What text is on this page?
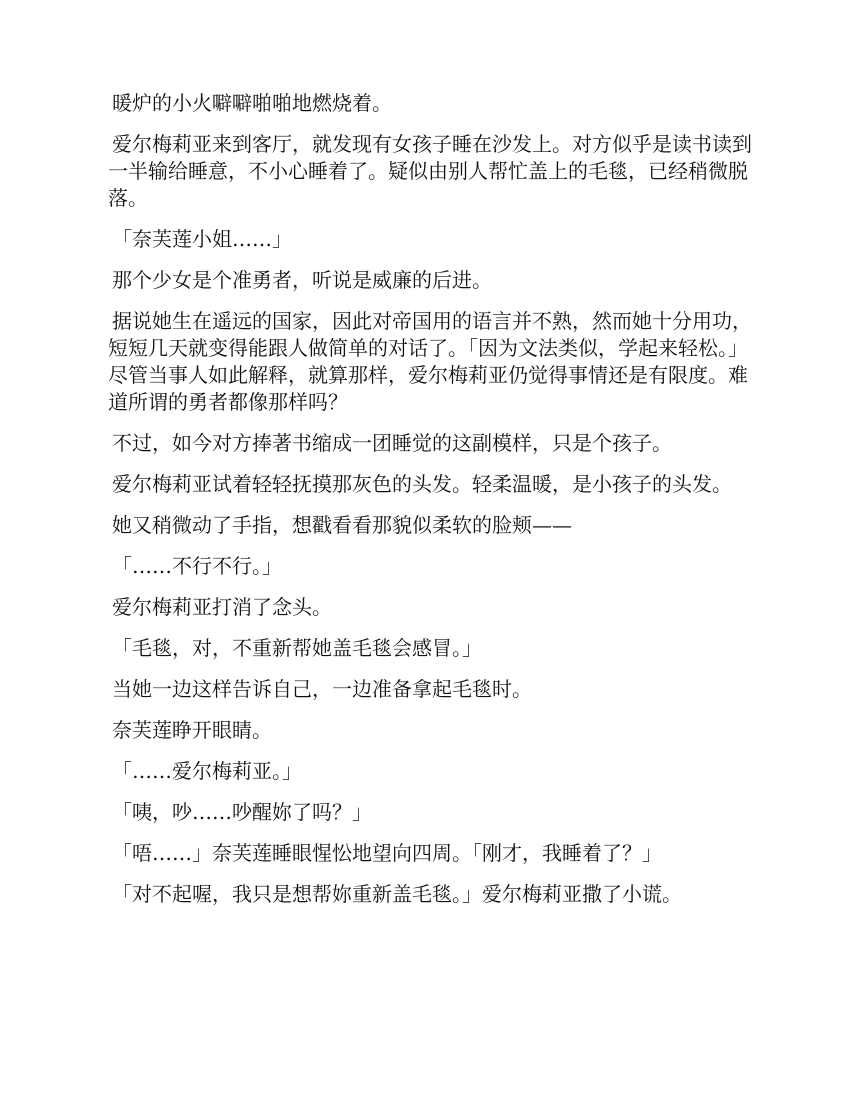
暖炉的小火噼噼啪啪地燃烧着。

爱尔梅莉亚来到客厅，就发现有女孩子睡在沙发上。对方似乎是读书读到一半输给睡意，不小心睡着了。疑似由别人帮忙盖上的毛毯，已经稍微脱落。

「奈芙莲小姐……」

那个少女是个准勇者，听说是威廉的后进。

据说她生在遥远的国家，因此对帝国用的语言并不熟，然而她十分用功，短短几天就变得能跟人做简单的对话了。「因为文法类似，学起来轻松。」尽管当事人如此解释，就算那样，爱尔梅莉亚仍觉得事情还是有限度。难道所谓的勇者都像那样吗？

不过，如今对方捧著书缩成一团睡觉的这副模样，只是个孩子。

爱尔梅莉亚试着轻轻抚摸那灰色的头发。轻柔温暖，是小孩子的头发。

她又稍微动了手指，想戳看看那貌似柔软的脸颊——

「……不行不行。」

爱尔梅莉亚打消了念头。

「毛毯，对，不重新帮她盖毛毯会感冒。」

当她一边这样告诉自己，一边准备拿起毛毯时。

奈芙莲睁开眼睛。

「……爱尔梅莉亚。」

「咦，吵……吵醒妳了吗？」

「唔……」奈芙莲睡眼惺忪地望向四周。「刚才，我睡着了？」

「对不起喔，我只是想帮妳重新盖毛毯。」爱尔梅莉亚撒了小谎。
